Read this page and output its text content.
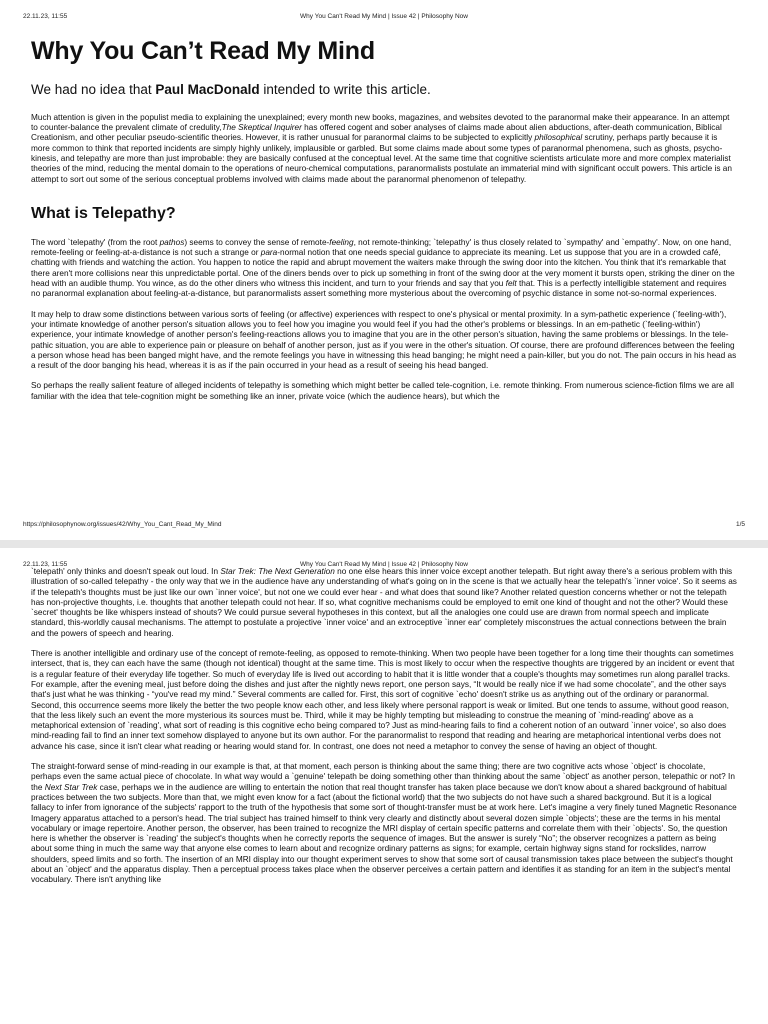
22.11.23, 11:55	Why You Can't Read My Mind | Issue 42 | Philosophy Now
Why You Can’t Read My Mind
We had no idea that Paul MacDonald intended to write this article.

Much attention is given in the populist media to explaining the unexplained; every month new books, magazines, and websites devoted to the paranormal make their appearance. In an attempt to counter-balance the prevalent climate of credulity,The Skeptical Inquirer has offered cogent and sober analyses of claims made about alien abductions, after-death communication, Biblical Creationism, and other peculiar pseudo-scientific theories. However, it is rather unusual for paranormal claims to be subjected to explicitly philosophical scrutiny, perhaps partly because it is more common to think that reported incidents are simply highly unlikely, implausible or garbled. But some claims made about some types of paranormal phenomena, such as ghosts, psycho-kinesis, and telepathy are more than just improbable: they are basically confused at the conceptual level. At the same time that cognitive scientists articulate more and more complex materialist theories of the mind, reducing the mental domain to the operations of neuro-chemical computations, paranormalists postulate an immaterial mind with significant occult powers. This article is an attempt to sort out some of the serious conceptual problems involved with claims made about the paranormal phenomenon of telepathy.

What is Telepathy?

The word `telepathy' (from the root pathos) seems to convey the sense of remote-feeling, not remote-thinking; `telepathy' is thus closely related to `sympathy' and `empathy'. Now, on one hand, remote-feeling or feeling-at-a-distance is not such a strange or para-normal notion that one needs special guidance to appreciate its meaning. Let us suppose that you are in a crowded café, chatting with friends and watching the action. You happen to notice the rapid and abrupt movement the waiters make through the swing door into the kitchen. You think that it's remarkable that there aren't more collisions near this unpredictable portal. One of the diners bends over to pick up something in front of the swing door at the very moment it bursts open, striking the diner on the head with an audible thump. You wince, as do the other diners who witness this incident, and turn to your friends and say that you felt that. This is a perfectly intelligible statement and requires no paranormal explanation about feeling-at-a-distance, but paranormalists assert something more mysterious about the overcoming of psychic distance in some not-so-normal experiences.

It may help to draw some distinctions between various sorts of feeling (or affective) experiences with respect to one's physical or mental proximity. In a sym-pathetic experience (`feeling-with'), your intimate knowledge of another person's situation allows you to feel how you imagine you would feel if you had the other's problems or blessings. In an em-pathetic (`feeling-within') experience, your intimate knowledge of another person's feeling-reactions allows you to imagine that you are in the other person's situation, having the same problems or blessings. In the tele-pathic situation, you are able to experience pain or pleasure on behalf of another person, just as if you were in the other's situation. Of course, there are profound differences between the feeling a person whose head has been banged might have, and the remote feelings you have in witnessing this head banging; he might need a pain-killer, but you do not. The pain occurs in his head as a result of the door banging his head, whereas it is as if the pain occurred in your head as a result of seeing his head banged.

So perhaps the really salient feature of alleged incidents of telepathy is something which might better be called tele-cognition, i.e. remote thinking. From numerous science-fiction films we are all familiar with the idea that tele-cognition might be something like an inner, private voice (which the audience hears), but which the

https://philosophynow.org/issues/42/Why_You_Cant_Read_My_Mind	1/5
22.11.23, 11:55	Why You Can't Read My Mind | Issue 42 | Philosophy Now

`telepath' only thinks and doesn't speak out loud. In Star Trek: The Next Generation no one else hears this inner voice except another telepath. But right away there's a serious problem with this illustration of so-called telepathy - the only way that we in the audience have any understanding of what's going on in the scene is that we actually hear the telepath's `inner voice'. So it seems as if the telepath's thoughts must be just like our own `inner voice', but not one we could ever hear - and what does that sound like? Another related question concerns whether or not the telepath has non-projective thoughts, i.e. thoughts that another telepath could not hear. If so, what cognitive mechanisms could be employed to emit one kind of thought and not the other? Would these `secret' thoughts be like whispers instead of shouts? We could pursue several hypotheses in this context, but all the analogies one could use are drawn from normal speech and implicate standard, this-worldly causal mechanisms. The attempt to postulate a projective `inner voice' and an extroceptive `inner ear' completely misconstrues the actual connections between the brain and the powers of speech and hearing.

There is another intelligible and ordinary use of the concept of remote-feeling, as opposed to remote-thinking. When two people have been together for a long time their thoughts can sometimes intersect, that is, they can each have the same (though not identical) thought at the same time. This is most likely to occur when the respective thoughts are triggered by an incident or event that is a regular feature of their everyday life together. So much of everyday life is lived out according to habit that it is little wonder that a couple's thoughts may sometimes run along parallel tracks. For example, after the evening meal, just before doing the dishes and just after the nightly news report, one person says, “It would be really nice if we had some chocolate”, and the other says that's just what he was thinking - “you've read my mind.” Several comments are called for. First, this sort of cognitive `echo' doesn't strike us as anything out of the ordinary or paranormal. Second, this occurrence seems more likely the better the two people know each other, and less likely where personal rapport is weak or limited. But one tends to assume, without good reason, that the less likely such an event the more mysterious its sources must be. Third, while it may be highly tempting but misleading to construe the meaning of `mind-reading' above as a metaphorical extension of `reading', what sort of reading is this cognitive echo being compared to? Just as mind-hearing fails to find a coherent notion of an outward `inner voice', so also does mind-reading fail to find an inner text somehow displayed to anyone but its own author. For the paranormalist to respond that reading and hearing are metaphorical intentional verbs does not advance his case, since it isn't clear what reading or hearing would stand for. In contrast, one does not need a metaphor to convey the sense of having an object of thought.

The straight-forward sense of mind-reading in our example is that, at that moment, each person is thinking about the same thing; there are two cognitive acts whose `object' is chocolate, perhaps even the same actual piece of chocolate. In what way would a `genuine' telepath be doing something other than thinking about the same `object' as another person, telepathic or not? In the Next Star Trek case, perhaps we in the audience are willing to entertain the notion that real thought transfer has taken place because we don't know about a shared background of habitual practices between the two subjects. More than that, we might even know for a fact (about the fictional world) that the two subjects do not have such a shared background. But it is a logical fallacy to infer from ignorance of the subjects' rapport to the truth of the hypothesis that some sort of thought-transfer must be at work here. Let's imagine a very finely tuned Magnetic Resonance Imagery apparatus attached to a person's head. The trial subject has trained himself to think very clearly and distinctly about several dozen simple `objects'; these are the terms in his mental vocabulary or image repertoire. Another person, the observer, has been trained to recognize the MRI display of certain specific patterns and correlate them with their `objects'. So, the question here is whether the observer is `reading' the subject's thoughts when he correctly reports the sequence of images. But the answer is surely “No”; the observer recognizes a pattern as being about some thing in much the same way that anyone else comes to learn about and recognize ordinary patterns as signs; for example, certain highway signs stand for rockslides, narrow shoulders, speed limits and so forth. The insertion of an MRI display into our thought experiment serves to show that some sort of causal transmission takes place between the subject's thought about an `object' and the apparatus display. Then a perceptual process takes place when the observer perceives a certain pattern and identifies it as standing for an item in the subject's mental vocabulary. There isn't anything like
